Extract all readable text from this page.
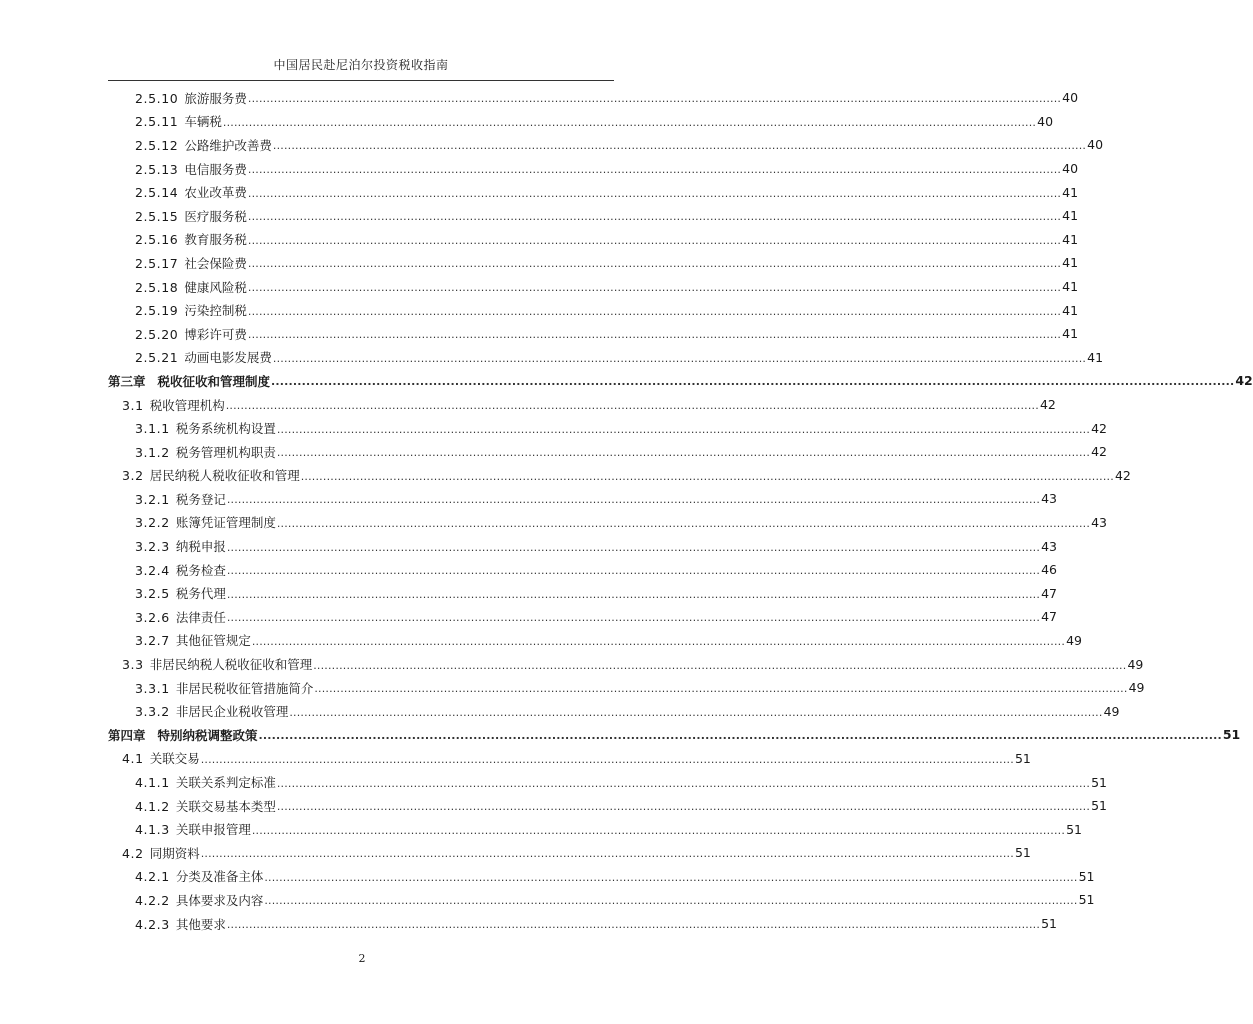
中国居民赴尼泊尔投资税收指南
2.5.10 旅游服务费 ............................................................................................................................................................................................................................ 40
2.5.11 车辆税 ............................................................................................................................................................................................................................ 40
2.5.12 公路维护改善费 ............................................................................................................................................................................................................................ 40
2.5.13 电信服务费 ............................................................................................................................................................................................................................ 40
2.5.14 农业改革费 ............................................................................................................................................................................................................................ 41
2.5.15 医疗服务税 ............................................................................................................................................................................................................................ 41
2.5.16 教育服务税 ............................................................................................................................................................................................................................ 41
2.5.17 社会保险费 ............................................................................................................................................................................................................................ 41
2.5.18 健康风险税 ............................................................................................................................................................................................................................ 41
2.5.19 污染控制税 ............................................................................................................................................................................................................................ 41
2.5.20 博彩许可费 ............................................................................................................................................................................................................................ 41
2.5.21 动画电影发展费 ............................................................................................................................................................................................................................ 41
第三章 税收征收和管理制度 ............................................................................................................................................................................................................................ 42
3.1 税收管理机构 ............................................................................................................................................................................................................................ 42
3.1.1 税务系统机构设置 ............................................................................................................................................................................................................................ 42
3.1.2 税务管理机构职责 ............................................................................................................................................................................................................................ 42
3.2 居民纳税人税收征收和管理 ............................................................................................................................................................................................................................ 42
3.2.1 税务登记 ............................................................................................................................................................................................................................ 43
3.2.2 账簿凭证管理制度 ............................................................................................................................................................................................................................ 43
3.2.3 纳税申报 ............................................................................................................................................................................................................................ 43
3.2.4 税务检查 ............................................................................................................................................................................................................................ 46
3.2.5 税务代理 ............................................................................................................................................................................................................................ 47
3.2.6 法律责任 ............................................................................................................................................................................................................................ 47
3.2.7 其他征管规定 ............................................................................................................................................................................................................................ 49
3.3 非居民纳税人税收征收和管理 ............................................................................................................................................................................................................................ 49
3.3.1 非居民税收征管措施简介 ............................................................................................................................................................................................................................ 49
3.3.2 非居民企业税收管理 ............................................................................................................................................................................................................................ 49
第四章 特别纳税调整政策 ............................................................................................................................................................................................................................ 51
4.1 关联交易 ............................................................................................................................................................................................................................ 51
4.1.1 关联关系判定标准 ............................................................................................................................................................................................................................ 51
4.1.2 关联交易基本类型 ............................................................................................................................................................................................................................ 51
4.1.3 关联申报管理 ............................................................................................................................................................................................................................ 51
4.2 同期资料 ............................................................................................................................................................................................................................ 51
4.2.1 分类及准备主体 ............................................................................................................................................................................................................................ 51
4.2.2 具体要求及内容 ............................................................................................................................................................................................................................ 51
4.2.3 其他要求 ............................................................................................................................................................................................................................ 51
2
